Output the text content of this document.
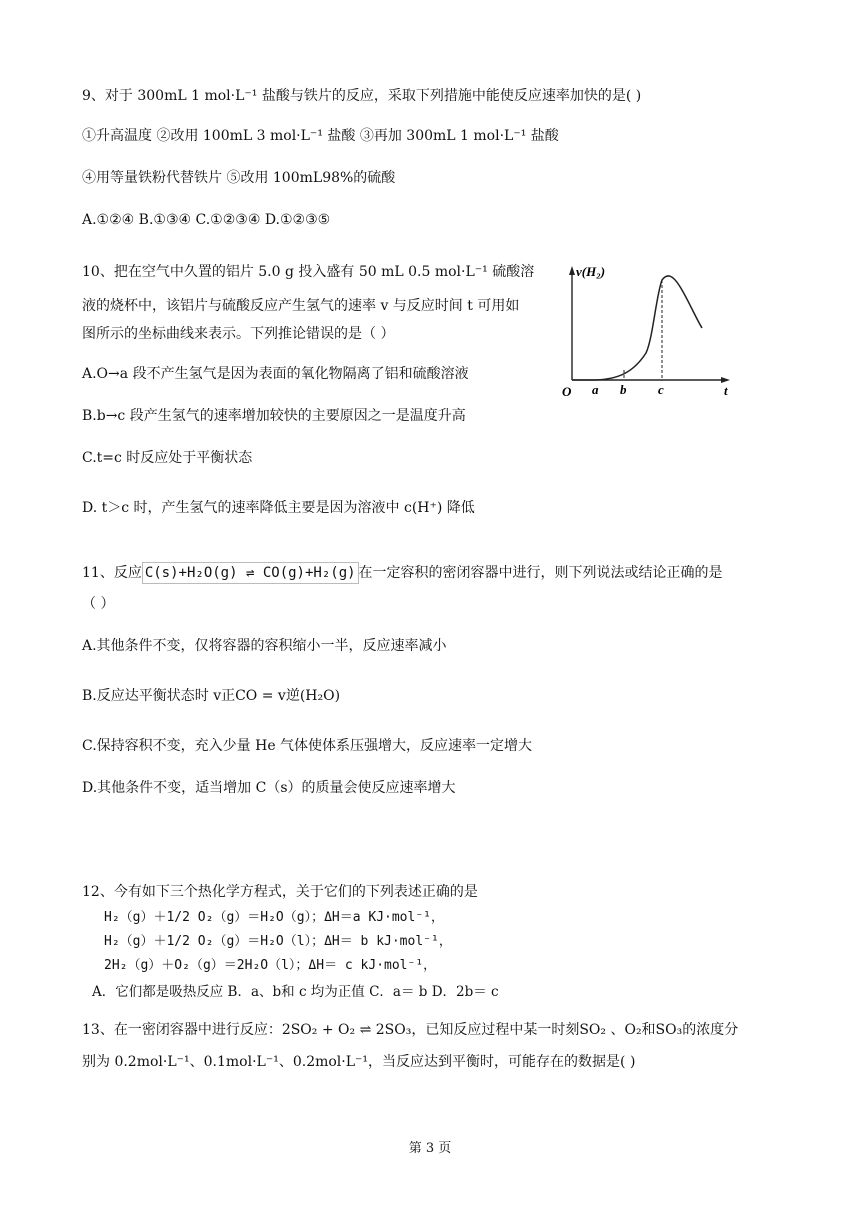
9、对于 300mL 1 mol·L⁻¹ 盐酸与铁片的反应，采取下列措施中能使反应速率加快的是( )
①升高温度 ②改用 100mL 3 mol·L⁻¹ 盐酸 ③再加 300mL 1 mol·L⁻¹ 盐酸
④用等量铁粉代替铁片 ⑤改用 100mL98%的硫酸
A.①②④ B.①③④ C.①②③④ D.①②③⑤
10、把在空气中久置的铝片 5.0 g 投入盛有 50 mL 0.5 mol·L⁻¹ 硫酸溶
液的烧杯中，该铝片与硫酸反应产生氢气的速率 v 与反应时间 t 可用如
图所示的坐标曲线来表示。下列推论错误的是（ ）
A.O→a 段不产生氢气是因为表面的氧化物隔离了铝和硫酸溶液
B.b→c 段产生氢气的速率增加较快的主要原因之一是温度升高
C.t=c 时反应处于平衡状态
D. t＞c 时，产生氢气的速率降低主要是因为溶液中 c(H⁺) 降低
v(H₂)
t
O a b c
11、反应 C(s)+H₂O(g) ⇌ CO(g)+H₂(g) 在一定容积的密闭容器中进行，则下列说法或结论正确的是
（ ）
A.其他条件不变，仅将容器的容积缩小一半，反应速率减小
B.反应达平衡状态时 v正CO = v逆(H₂O)
C.保持容积不变，充入少量 He 气体使体系压强增大，反应速率一定增大
D.其他条件不变，适当增加 C（s）的质量会使反应速率增大
12、今有如下三个热化学方程式，关于它们的下列表述正确的是
H₂（g）＋1/2 O₂（g）＝H₂O（g）；ΔH＝a KJ·mol⁻¹，
H₂（g）＋1/2 O₂（g）＝H₂O（l）；ΔH＝ b kJ·mol⁻¹，
2H₂（g）＋O₂（g）＝2H₂O（l）；ΔH＝ c kJ·mol⁻¹，
A．它们都是吸热反应 B．a、b和 c 均为正值 C．a＝ b D．2b＝ c
13、在一密闭容器中进行反应：2SO₂ + O₂ ⇌ 2SO₃，已知反应过程中某一时刻SO₂ 、O₂和SO₃的浓度分
别为 0.2mol·L⁻¹、0.1mol·L⁻¹、0.2mol·L⁻¹，当反应达到平衡时，可能存在的数据是( )
第 3 页
